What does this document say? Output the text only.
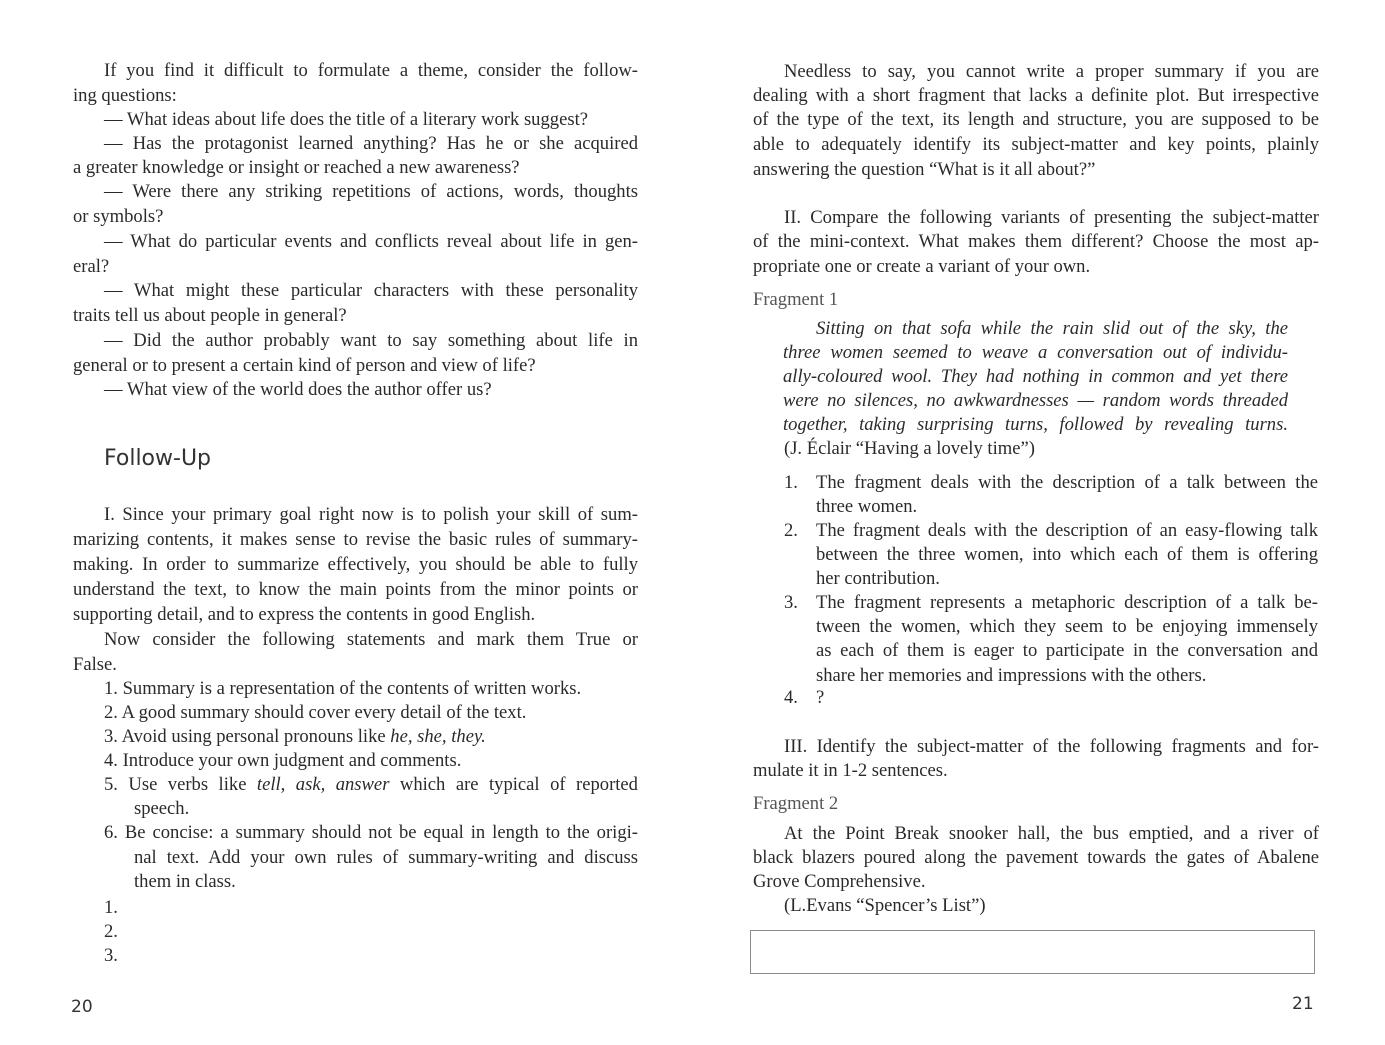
If you find it difficult to formulate a theme, consider the follow-

ing questions:

— What ideas about life does the title of a literary work suggest?

— Has the protagonist learned anything? Has he or she acquired

a greater knowledge or insight or reached a new awareness?

— Were there any striking repetitions of actions, words, thoughts

or symbols?

— What do particular events and conflicts reveal about life in gen-

eral?

— What might these particular characters with these personality

traits tell us about people in general?

— Did the author probably want to say something about life in

general or to present a certain kind of person and view of life?

— What view of the world does the author offer us?

Follow-Up

I. Since your primary goal right now is to polish your skill of sum-

marizing contents, it makes sense to revise the basic rules of summary-

making. In order to summarize effectively, you should be able to fully

understand the text, to know the main points from the minor points or

supporting detail, and to express the contents in good English.

Now consider the following statements and mark them True or

False.

1. Summary is a representation of the contents of written works.

2. A good summary should cover every detail of the text.

3. Avoid using personal pronouns like he, she, they.

4. Introduce your own judgment and comments.

5. Use verbs like tell, ask, answer which are typical of reported

speech.

6. Be concise: a summary should not be equal in length to the origi-

nal text. Add your own rules of summary-writing and discuss

them in class.

1.

2.

3.

20

Needless to say, you cannot write a proper summary if you are

dealing with a short fragment that lacks a definite plot. But irrespective

of the type of the text, its length and structure, you are supposed to be

able to adequately identify its subject-matter and key points, plainly

answering the question “What is it all about?”

II. Compare the following variants of presenting the subject-matter

of the mini-context. What makes them different? Choose the most ap-

propriate one or create a variant of your own.

Fragment 1
Sitting on that sofa while the rain slid out of the sky, the
three women seemed to weave a conversation out of individu-
ally-coloured wool. They had nothing in common and yet there
were no silences, no awkwardnesses — random words threaded
together, taking surprising turns, followed by revealing turns.

(J. Éclair “Having a lovely time”)

1. The fragment deals with the description of a talk between the
three women.
2. The fragment deals with the description of an easy-flowing talk
between the three women, into which each of them is offering
her contribution.
3. The fragment represents a metaphoric description of a talk be-
tween the women, which they seem to be enjoying immensely
as each of them is eager to participate in the conversation and
share her memories and impressions with the others.
4. ?

III. Identify the subject-matter of the following fragments and for-

mulate it in 1-2 sentences.

Fragment 2

At the Point Break snooker hall, the bus emptied, and a river of

black blazers poured along the pavement towards the gates of Abalene

Grove Comprehensive.

(L.Evans “Spencer’s List”)

21
